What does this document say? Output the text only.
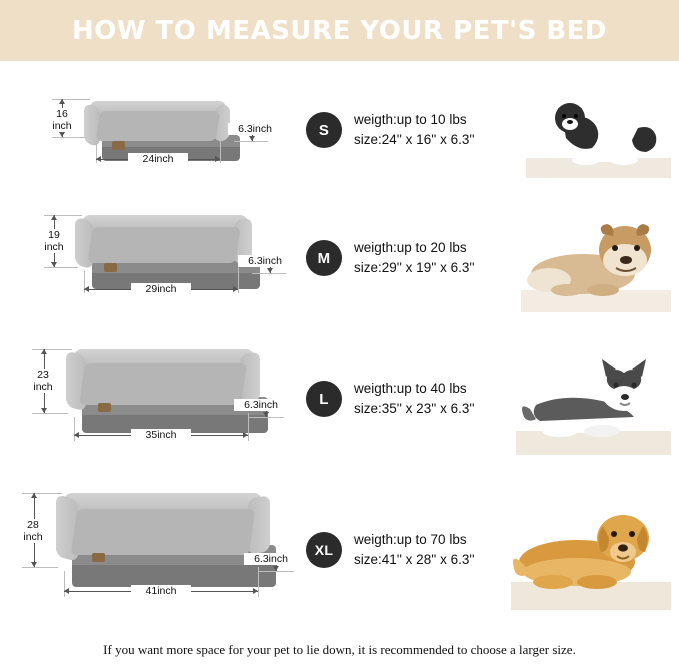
HOW TO MEASURE YOUR PET'S BED
16
inch
24inch
6.3inch	S
weigth:up to 10 lbs
size:24'' x 16'' x 6.3''
19
inch
29inch
6.3inch	M
weigth:up to 20 lbs
size:29'' x 19'' x 6.3''
23
inch
35inch
6.3inch	L
weigth:up to 40 lbs
size:35'' x 23'' x 6.3''
28
inch
41inch
6.3inch
XL
weigth:up to 70 lbs
size:41'' x 28'' x 6.3''
If you want more space for your pet to lie down, it is recommended to choose a larger size.
